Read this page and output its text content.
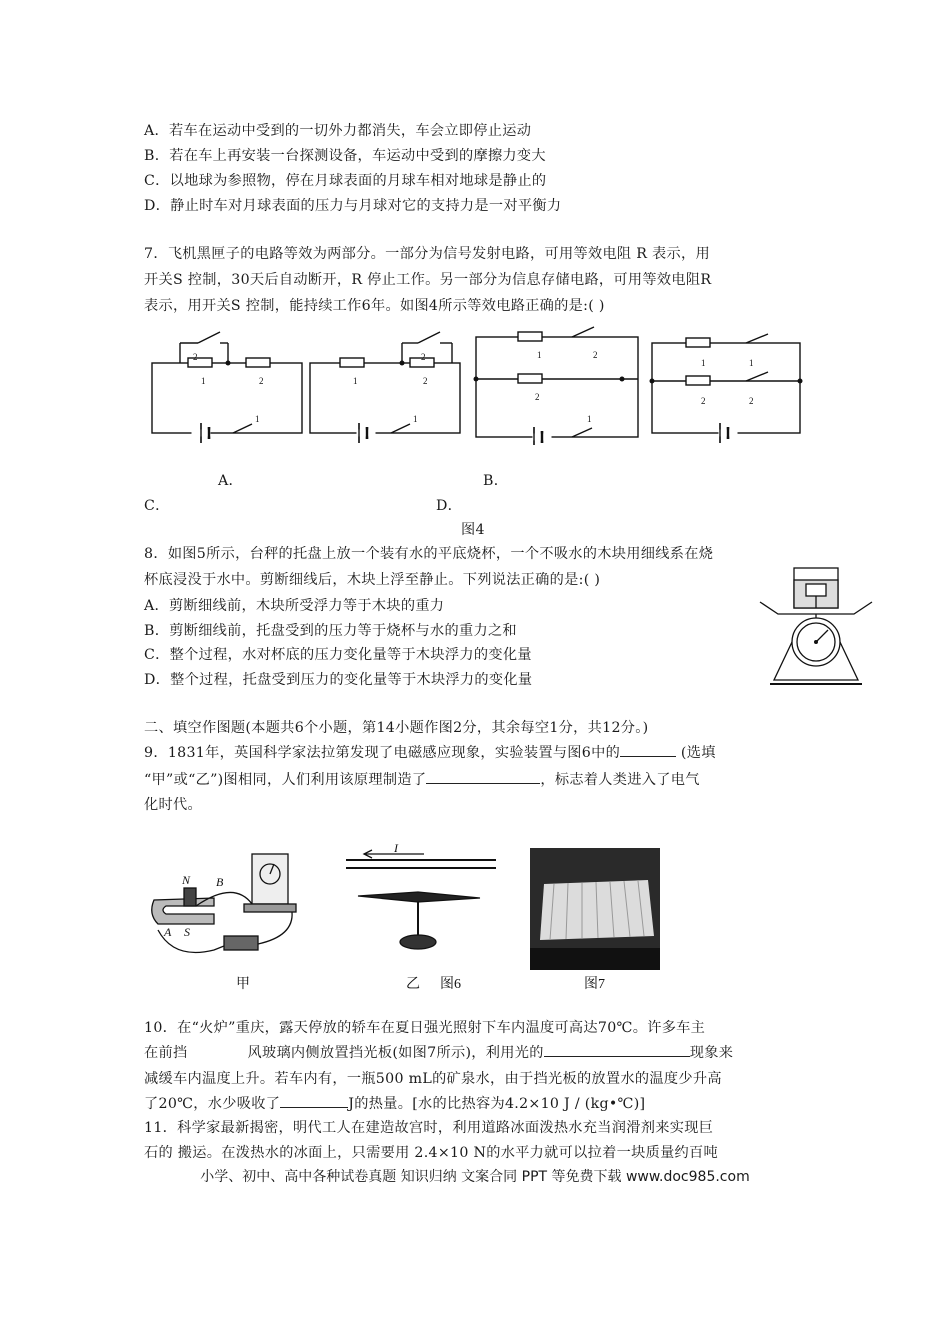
A．若车在运动中受到的一切外力都消失，车会立即停止运动
B．若在车上再安装一台探测设备，车运动中受到的摩擦力变大
C．以地球为参照物，停在月球表面的月球车相对地球是静止的
D．静止时车对月球表面的压力与月球对它的支持力是一对平衡力
7．飞机黑匣子的电路等效为两部分。一部分为信号发射电路，可用等效电阻 R 表示，用
开关S 控制，30天后自动断开，R 停止工作。另一部分为信息存储电路，可用等效电阻R
表示，用开关S 控制，能持续工作6年。如图4所示等效电路正确的是:( )
2
1	2
1
2
1	2
1
1	2
2
1
1	1
2	2
A．	B．
C．	D．
图4
8．如图5所示，台秤的托盘上放一个装有水的平底烧杯，一个不吸水的木块用细线系在烧
杯底浸没于水中。剪断细线后，木块上浮至静止。下列说法正确的是:( )
A．剪断细线前，木块所受浮力等于木块的重力
B．剪断细线前，托盘受到的压力等于烧杯与水的重力之和
C．整个过程，水对杯底的压力变化量等于木块浮力的变化量
D．整个过程，托盘受到压力的变化量等于木块浮力的变化量
二、填空作图题(本题共6个小题，第14小题作图2分，其余每空1分，共12分。)
9．1831年，英国科学家法拉第发现了电磁感应现象，实验装置与图6中的	(选填
“甲”或“乙”)图相同，人们利用该原理制造了	，标志着人类进入了电气
化时代。
N B
S
A
甲
I
乙 图6	图7
10．在“火炉”重庆，露天停放的轿车在夏日强光照射下车内温度可高达70℃。许多车主
在前挡	风玻璃内侧放置挡光板(如图7所示)，利用光的	现象来
减缓车内温度上升。若车内有，一瓶500 mL的矿泉水，由于挡光板的放置水的温度少升高
了20℃，水少吸收了	J的热量。[水的比热容为4.2×10 J / (kg•℃)]
11．科学家最新揭密，明代工人在建造故宫时，利用道路冰面泼热水充当润滑剂来实现巨
石的 搬运。在泼热水的冰面上，只需要用 2.4×10 N的水平力就可以拉着一块质量约百吨
小学、初中、高中各种试卷真题 知识归纳 文案合同 PPT 等免费下载 www.doc985.com
